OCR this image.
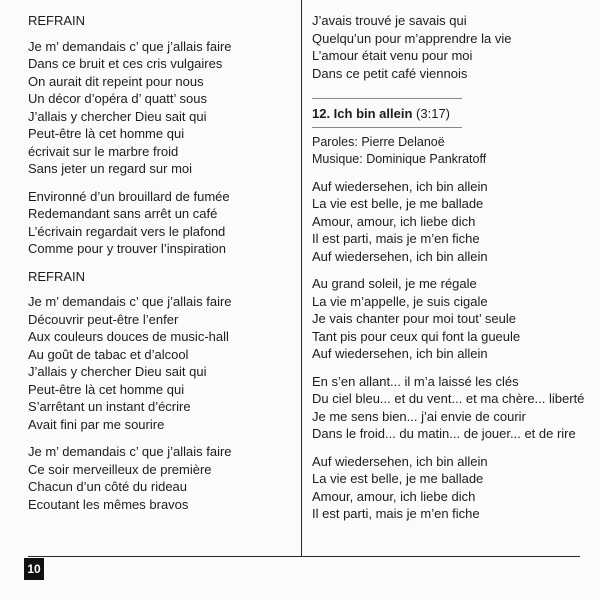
REFRAIN
Je m’ demandais c’ que j’allais faire
Dans ce bruit et ces cris vulgaires
On aurait dit repeint pour nous
Un décor d’opéra d’ quatt’ sous
J’allais y chercher Dieu sait qui
Peut-être là cet homme qui
écrivait sur le marbre froid
Sans jeter un regard sur moi
Environné d’un brouillard de fumée
Redemandant sans arrêt un café
L’écrivain regardait vers le plafond
Comme pour y trouver l’inspiration
REFRAIN
Je m’ demandais c’ que j’allais faire
Découvrir peut-être l’enfer
Aux couleurs douces de music-hall
Au goût de tabac et d’alcool
J’allais y chercher Dieu sait qui
Peut-être là cet homme qui
S’arrêtant un instant d’écrire
Avait fini par me sourire
Je m’ demandais c’ que j’allais faire
Ce soir merveilleux de première
Chacun d’un côté du rideau
Ecoutant les mêmes bravos
J’avais trouvé je savais qui
Quelqu’un pour m’apprendre la vie
L’amour était venu pour moi
Dans ce petit café viennois
12. Ich bin allein (3:17)
Paroles: Pierre Delanoë
Musique: Dominique Pankratoff
Auf wiedersehen, ich bin allein
La vie est belle, je me ballade
Amour, amour, ich liebe dich
Il est parti, mais je m’en fiche
Auf wiedersehen, ich bin allein
Au grand soleil, je me régale
La vie m’appelle, je suis cigale
Je vais chanter pour moi tout’ seule
Tant pis pour ceux qui font la gueule
Auf wiedersehen, ich bin allein
En s’en allant... il m’a laissé les clés
Du ciel bleu... et du vent... et ma chère... liberté
Je me sens bien... j’ai envie de courir
Dans le froid... du matin... de jouer... et de rire
Auf wiedersehen, ich bin allein
La vie est belle, je me ballade
Amour, amour, ich liebe dich
Il est parti, mais je m’en fiche
10
